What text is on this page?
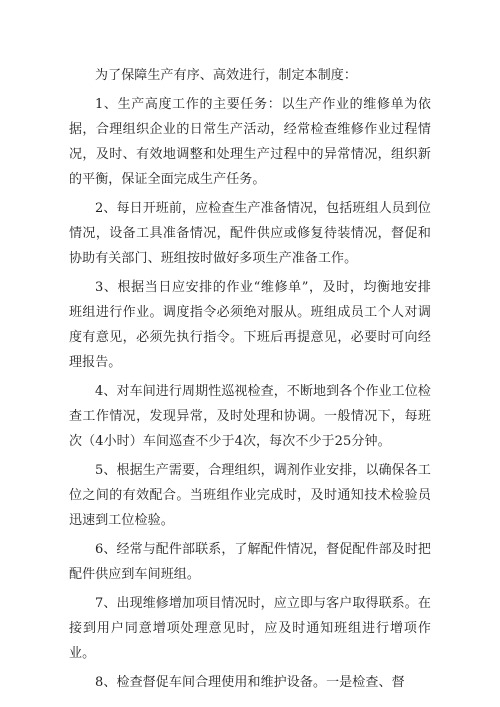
为了保障生产有序、高效进行，制定本制度：

1、生产高度工作的主要任务：以生产作业的维修单为依据，合理组织企业的日常生产活动，经常检查维修作业过程情况，及时、有效地调整和处理生产过程中的异常情况，组织新的平衡，保证全面完成生产任务。

2、每日开班前，应检查生产准备情况，包括班组人员到位情况，设备工具准备情况，配件供应或修复待装情况，督促和协助有关部门、班组按时做好多项生产准备工作。

3、根据当日应安排的作业“维修单”，及时，均衡地安排班组进行作业。调度指令必须绝对服从。班组成员工个人对调度有意见，必须先执行指令。下班后再提意见，必要时可向经理报告。

4、对车间进行周期性巡视检查，不断地到各个作业工位检查工作情况，发现异常，及时处理和协调。一般情况下，每班次（4小时）车间巡查不少于4次，每次不少于25分钟。

5、根据生产需要，合理组织，调剂作业安排，以确保各工位之间的有效配合。当班组作业完成时，及时通知技术检验员迅速到工位检验。

6、经常与配件部联系，了解配件情况，督促配件部及时把配件供应到车间班组。

7、出现维修增加项目情况时，应立即与客户取得联系。在接到用户同意增项处理意见时，应及时通知班组进行增项作业。

8、检查督促车间合理使用和维护设备。一是检查、督
